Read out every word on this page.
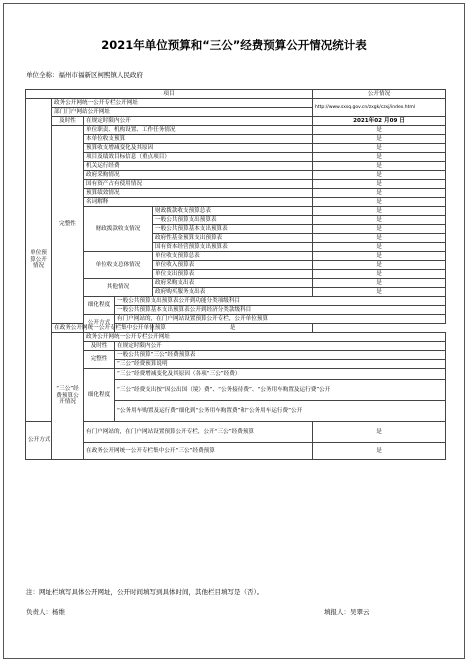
2021年单位预算和“三公”经费预算公开情况统计表
单位全称：福州市福新区柯熙镇人民政府
项目					公开情况	
单位预算公开情况	政务公开网统一公开专栏公开网址				http://www.sxsq.gov.cn/zxgk/czxj/index.html	
	部门门户网站公开网址					
	及时性	在规定时限内公开			2021年02 月09 日	
	完整性	单位职责、机构设置、工作任务情况			是	
		本单位收支预算			是	
		预算收支增减变化及其原因			是	
		项目及绩效目标信息（重点项目）			是	
		机关运行经费			是	
		政府采购情况			是	
		国有资产占有使用情况			是	
		预算绩效情况			是	
		名词解释			是	
		财政拨款收支情况		财政拨款收支预算总表	是	
				一般公共预算支出预算表	是	
				一般公共预算基本支出预算表	是	
				政府性基金预算支出预算表	是	
				国有资本经营预算支出预算表	是	
		单位收支总体情况		单位收支预算总表	是	
				单位收入预算表	是	
				单位支出预算表	是	
		其他情况		政府采购支出表	是	
				政府购买服务支出表	是	
		细化程度	一般公共预算支出预算表公开到功能分类项级科目	
			一般公共预算基本支出预算表公开到经济分类款级科目	
		公开方式	有门户网站的，在门户网站设置预算公开专栏，公开单位预算	
	在政务公开网统一公开专栏集中公开单位预算			是		
	“三公”经费预算公开情况	政务公开网统一公开专栏公开网址				
		及时性	在规定时限内公开	
		完整性	一般公共预算“三公”经费预算表	
			“三公”经费预算说明	
		细化程度	“三公”经费增减变化及其原因（各项“三公”经费）	
			“三公”经费支出按“因公出国（境）费”、“公务接待费”、“公务用车购置及运行费”公开	
			“公务用车购置及运行费”细化到“公务用车购置费”和“公务用车运行费”公开	
公开方式		有门户网站的，在门户网站设置预算公开专栏，公开“三公”经费预算			是	
		在政务公开网统一公开专栏集中公开“三公”经费预算			是	
注：网址栏填写具体公开网址，公开时间填写到具体时间，其他栏目填写是（否）。
负责人：杨维	填报人：吴翠云
